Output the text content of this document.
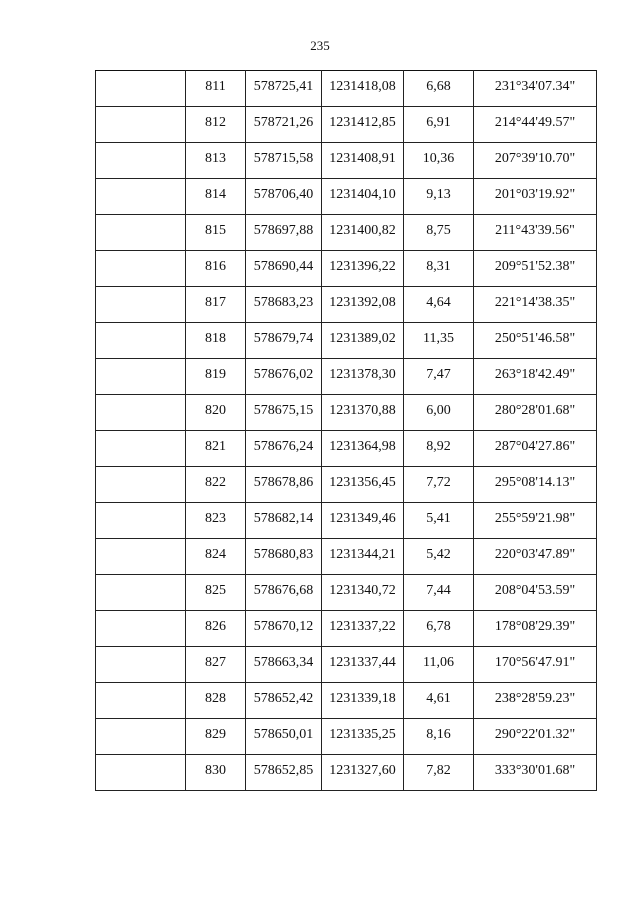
235
	811	578725,41	1231418,08	6,68	231°34'07.34"
	812	578721,26	1231412,85	6,91	214°44'49.57"
	813	578715,58	1231408,91	10,36	207°39'10.70"
	814	578706,40	1231404,10	9,13	201°03'19.92"
	815	578697,88	1231400,82	8,75	211°43'39.56"
	816	578690,44	1231396,22	8,31	209°51'52.38"
	817	578683,23	1231392,08	4,64	221°14'38.35"
	818	578679,74	1231389,02	11,35	250°51'46.58"
	819	578676,02	1231378,30	7,47	263°18'42.49"
	820	578675,15	1231370,88	6,00	280°28'01.68"
	821	578676,24	1231364,98	8,92	287°04'27.86"
	822	578678,86	1231356,45	7,72	295°08'14.13"
	823	578682,14	1231349,46	5,41	255°59'21.98"
	824	578680,83	1231344,21	5,42	220°03'47.89"
	825	578676,68	1231340,72	7,44	208°04'53.59"
	826	578670,12	1231337,22	6,78	178°08'29.39"
	827	578663,34	1231337,44	11,06	170°56'47.91"
	828	578652,42	1231339,18	4,61	238°28'59.23"
	829	578650,01	1231335,25	8,16	290°22'01.32"
	830	578652,85	1231327,60	7,82	333°30'01.68"
